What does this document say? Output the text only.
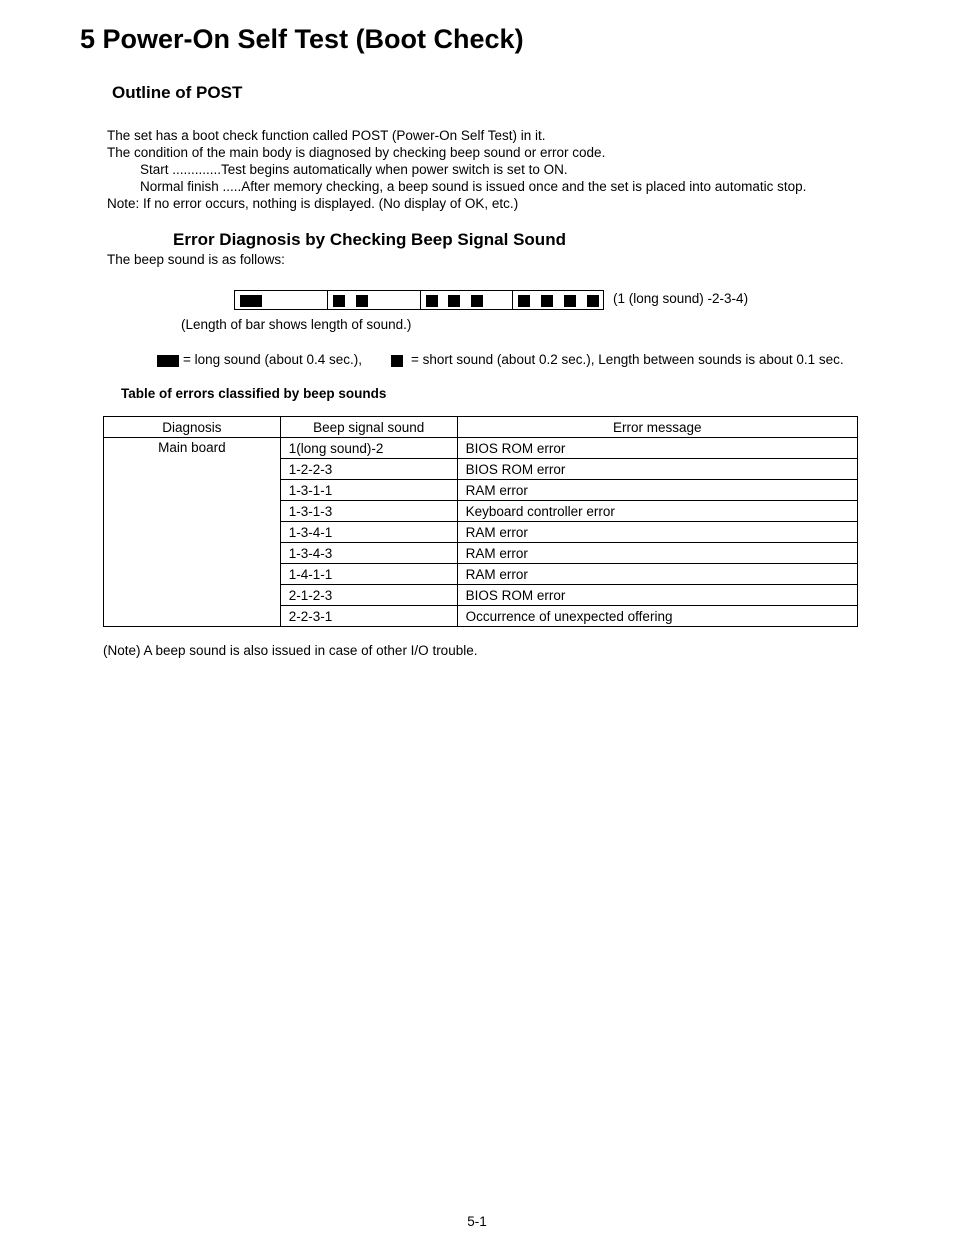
5 Power-On Self Test (Boot Check)
Outline of POST
The set has a boot check function called POST (Power-On Self Test) in it.
The condition of the main body is diagnosed by checking beep sound or error code.
Start .............Test begins automatically when power switch is set to ON.
Normal finish .....After memory checking, a beep sound is issued once and the set is placed into automatic stop.
Note: If no error occurs, nothing is displayed. (No display of OK, etc.)
Error Diagnosis by Checking Beep Signal Sound
The beep sound is as follows:
(1 (long sound) -2-3-4)
(Length of bar shows length of sound.)
= long sound (about 0.4 sec.),	= short sound (about 0.2 sec.), Length between sounds is about 0.1 sec.
Table of errors classified by beep sounds
Diagnosis	Beep signal sound	Error message
Main board	1(long sound)-2	BIOS ROM error
	1-2-2-3	BIOS ROM error
	1-3-1-1	RAM error
	1-3-1-3	Keyboard controller error
	1-3-4-1	RAM error
	1-3-4-3	RAM error
	1-4-1-1	RAM error
	2-1-2-3	BIOS ROM error
	2-2-3-1	Occurrence of unexpected offering
(Note) A beep sound is also issued in case of other I/O trouble.
5-1
